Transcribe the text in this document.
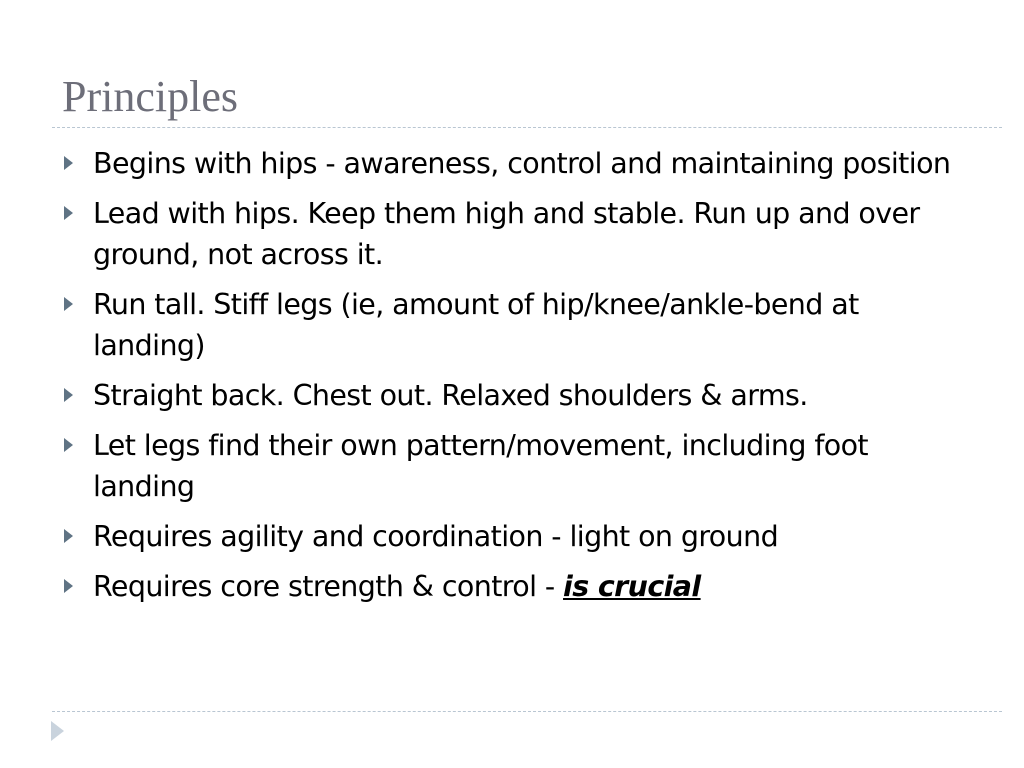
Principles
Begins with hips - awareness, control and maintaining position
Lead with hips. Keep them high and stable. Run up and over ground, not across it.
Run tall. Stiff legs (ie, amount of hip/knee/ankle-bend at landing)
Straight back. Chest out. Relaxed shoulders & arms.
Let legs find their own pattern/movement, including foot landing
Requires agility and coordination - light on ground
Requires core strength & control - is crucial
